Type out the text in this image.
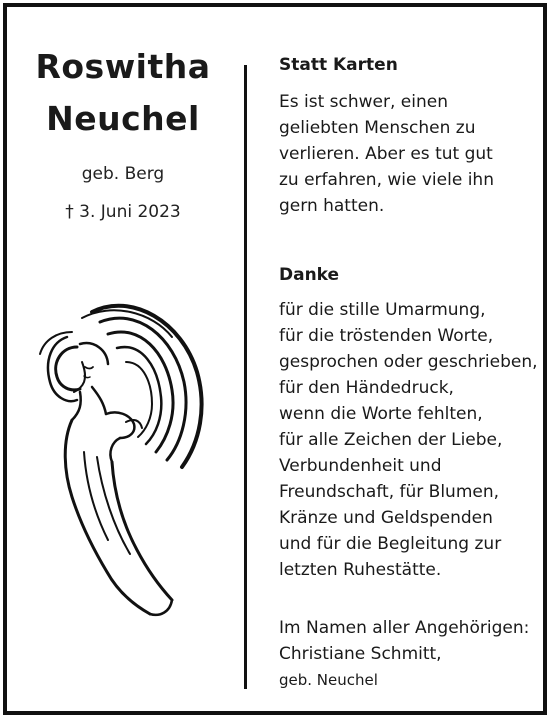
Roswitha
Neuchel
geb. Berg
† 3. Juni 2023
Statt Karten
Es ist schwer, einen
geliebten Menschen zu
verlieren. Aber es tut gut
zu erfahren, wie viele ihn
gern hatten.
Danke
für die stille Umarmung,
für die tröstenden Worte,
gesprochen oder geschrieben,
für den Händedruck,
wenn die Worte fehlten,
für alle Zeichen der Liebe,
Verbundenheit und
Freundschaft, für Blumen,
Kränze und Geldspenden
und für die Begleitung zur
letzten Ruhestätte.
Im Namen aller Angehörigen:
Christiane Schmitt,
geb. Neuchel
